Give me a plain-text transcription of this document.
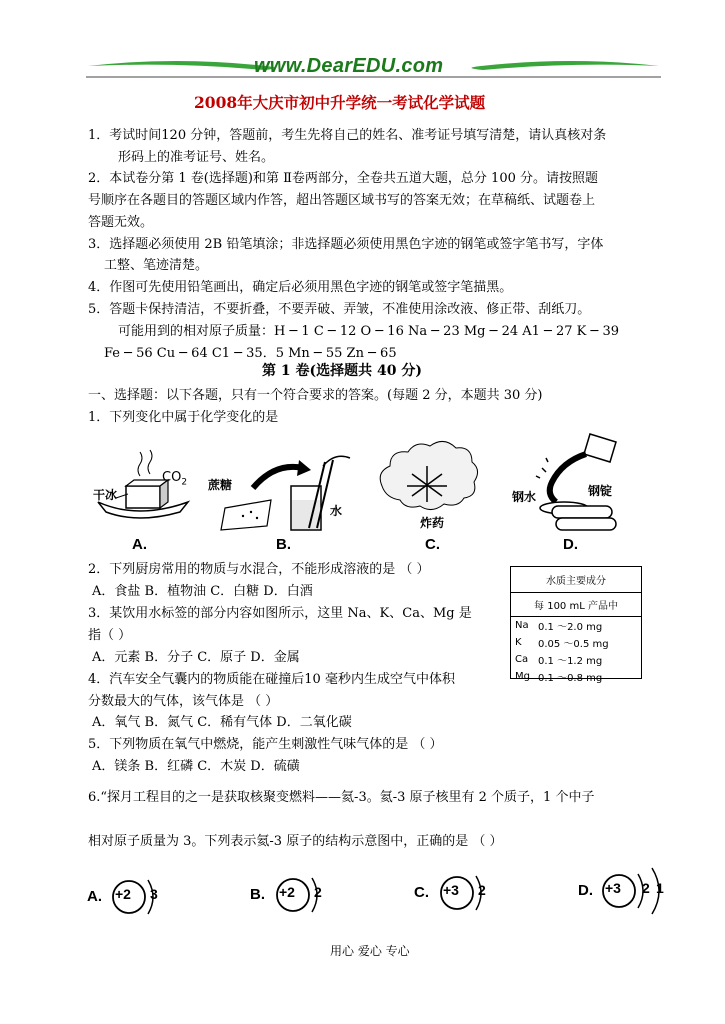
www.DearEDU.com
2008年大庆市初中升学统一考试化学试题
1．考试时间120 分钟，答题前，考生先将自己的姓名、准考证号填写清楚，请认真核对条
形码上的准考证号、姓名。
2．本试卷分第 1 卷(选择题)和第 Ⅱ卷两部分，全卷共五道大题，总分 100 分。请按照题
号顺序在各题目的答题区域内作答，超出答题区域书写的答案无效；在草稿纸、试题卷上
答题无效。
3．选择题必须使用 2B 铅笔填涂；非选择题必须使用黑色字迹的钢笔或签字笔书写，字体
工整、笔迹清楚。
4．作图可先使用铅笔画出，确定后必须用黑色字迹的钢笔或签字笔描黑。
5．答题卡保持清洁，不要折叠，不要弄破、弄皱，不准使用涂改液、修正带、刮纸刀。
可能用到的相对原子质量：H ─ 1 C ─ 12 O ─ 16 Na ─ 23 Mg ─ 24 A1 ─ 27 K ─ 39
Fe ─ 56 Cu ─ 64 C1 ─ 35．5 Mn ─ 55 Zn ─ 65
第 1 卷(选择题共 40 分)
一、选择题：以下各题，只有一个符合要求的答案。(每题 2 分，本题共 30 分)
1．下列变化中属于化学变化的是
干冰
$CO_2$ 蔗糖
水
炸药
钢水	钢锭
A.	B.	C.	D.
2．下列厨房常用的物质与水混合，不能形成溶液的是 （ ）
A．食盐 B．植物油 C．白糖 D．白酒
水质主要成分
每 100 mL 产品中
Na	0.1 ～2.0 mg
K	0.05 ～0.5 mg
Ca	0.1 ～1.2 mg
Mg	0.1 ～0.8 mg
3．某饮用水标签的部分内容如图所示，这里 Na、K、Ca、Mg 是
指（ ）
A．元素 B．分子 C．原子 D．金属
4．汽车安全气囊内的物质能在碰撞后10 毫秒内生成空气中体积
分数最大的气体，该气体是 （ ）
A．氧气 B．氮气 C．稀有气体 D．二氧化碳
5．下列物质在氧气中燃烧，能产生刺激性气味气体的是 （ ）
A．镁条 B．红磷 C．木炭 D．硫磺
6.“探月工程目的之一是获取核聚变燃料——氦-3。氦-3 原子核里有 2 个质子，1 个中子
相对原子质量为 3。下列表示氦-3 原子的结构示意图中，正确的是 （ ）
A. +2 3	B. +2 2	C. +3 2	D. +3 2 1
用心 爱心 专心
